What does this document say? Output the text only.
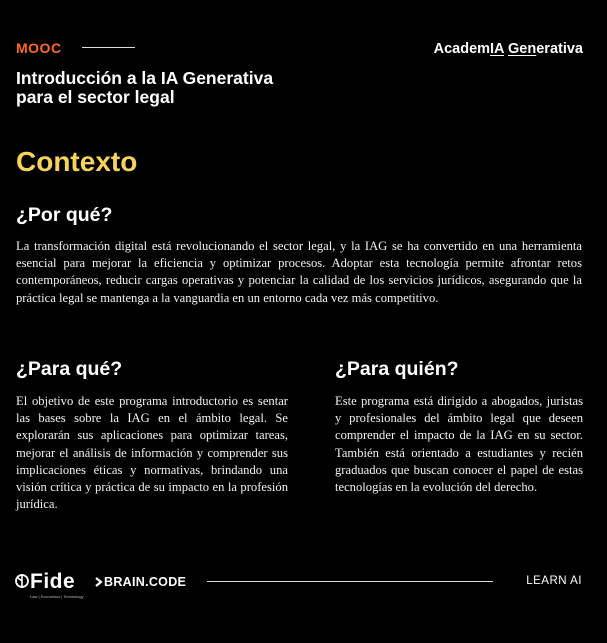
MOOC	AcademIA Generativa
Introducción a la IA Generativa
para el sector legal
Contexto
¿Por qué?

La transformación digital está revolucionando el sector legal, y la IAG se ha convertido en una herramienta esencial para mejorar la eficiencia y optimizar procesos. Adoptar esta tecnología permite afrontar retos contemporáneos, reducir cargas operativas y potenciar la calidad de los servicios jurídicos, asegurando que la práctica legal se mantenga a la vanguardia en un entorno cada vez más competitivo.

¿Para qué?

El objetivo de este programa introductorio es sentar las bases sobre la IAG en el ámbito legal. Se explorarán sus aplicaciones para optimizar tareas, mejorar el análisis de información y comprender sus implicaciones éticas y normativas, brindando una visión crítica y práctica de su impacto en la profesión jurídica.

¿Para quién?

Este programa está dirigido a abogados, juristas y profesionales del ámbito legal que deseen comprender el impacto de la IAG en su sector. También está orientado a estudiantes y recién graduados que buscan conocer el papel de estas tecnologías en la evolución del derecho.

Fide
Law | Economics | Technology
BRAIN.CODE	LEARN AI
